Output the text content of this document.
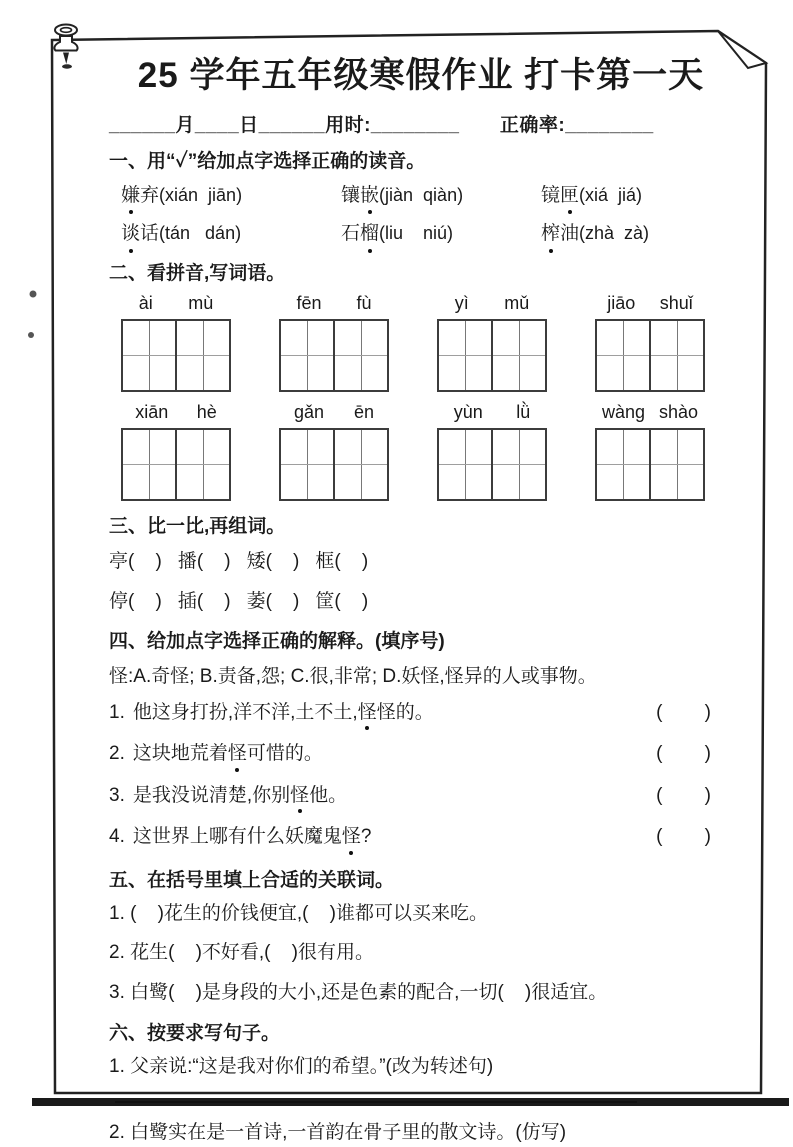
25 学年五年级寒假作业 打卡第一天
______月____日______用时:________       正确率:________
一、用“✓”给加点字选择正确的读音。
嫌弃(xián  jiān)	镶嵌(jiàn  qiàn)	镜匣(xiá  jiá)
谈话(tán   dán)	石榴(liu    niú)	榨油(zhà  zà)
二、看拼音,写词语。
ài mù	fēn fù	yì mǔ	jiāo shuǐ
xiān hè	gǎn ēn	yùn lǜ	wàng shào
三、比一比,再组词。
亭(    ) 播(    ) 矮(    ) 框(    )
停(    ) 插(    ) 萎(    ) 筐(    )
四、给加点字选择正确的解释。(填序号)
怪:A.奇怪; B.责备,怨; C.很,非常; D.妖怪,怪异的人或事物。
1. 他这身打扮,洋不洋,土不土,怪怪的。	(        )
2. 这块地荒着怪可惜的。	(        )
3. 是我没说清楚,你别怪他。	(        )
4. 这世界上哪有什么妖魔鬼怪?	(        )
五、在括号里填上合适的关联词。
1. (    )花生的价钱便宜,(    )谁都可以买来吃。
2. 花生(    )不好看,(    )很有用。
3. 白鹭(    )是身段的大小,还是色素的配合,一切(    )很适宜。
六、按要求写句子。
1. 父亲说:“这是我对你们的希望。”(改为转述句)
2. 白鹭实在是一首诗,一首韵在骨子里的散文诗。(仿写)
